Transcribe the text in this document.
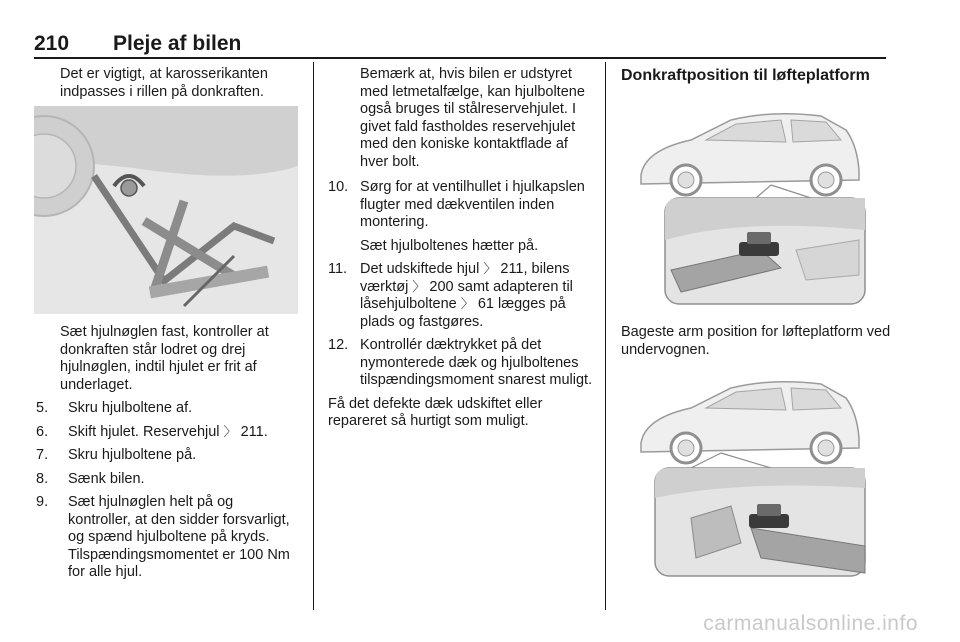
210 Pleje af bilen

Det er vigtigt, at karosserikanten indpasses i rillen på donkraften.

Sæt hjulnøglen fast, kontroller at donkraften står lodret og drej hjulnøglen, indtil hjulet er frit af underlaget.

5.	Skru hjulboltene af.
6.	Skift hjulet. Reservehjul 〉 211.
7.	Skru hjulboltene på.
8.	Sænk bilen.
9.	Sæt hjulnøglen helt på og kontroller, at den sidder forsvarligt, og spænd hjulboltene på kryds.
Tilspændingsmomentet er 100 Nm for alle hjul.

Bemærk at, hvis bilen er udstyret med letmetalfælge, kan hjulboltene også bruges til stålreservehjulet. I givet fald fastholdes reservehjulet med den koniske kontaktflade af hver bolt.

10. Sørg for at ventilhullet i hjulkapslen flugter med dækventilen inden montering.

Sæt hjulboltenes hætter på.

11. Det udskiftede hjul 〉 211, bilens værktøj 〉 200 samt adapteren til låsehjulboltene 〉 61 lægges på plads og fastgøres.
12. Kontrollér dæktrykket på det nymonterede dæk og hjulboltenes tilspændingsmoment snarest muligt.

Få det defekte dæk udskiftet eller repareret så hurtigt som muligt.

Donkraftposition til løfteplatform

Bageste arm position for løfteplatform ved undervognen.

carmanualsonline.info
